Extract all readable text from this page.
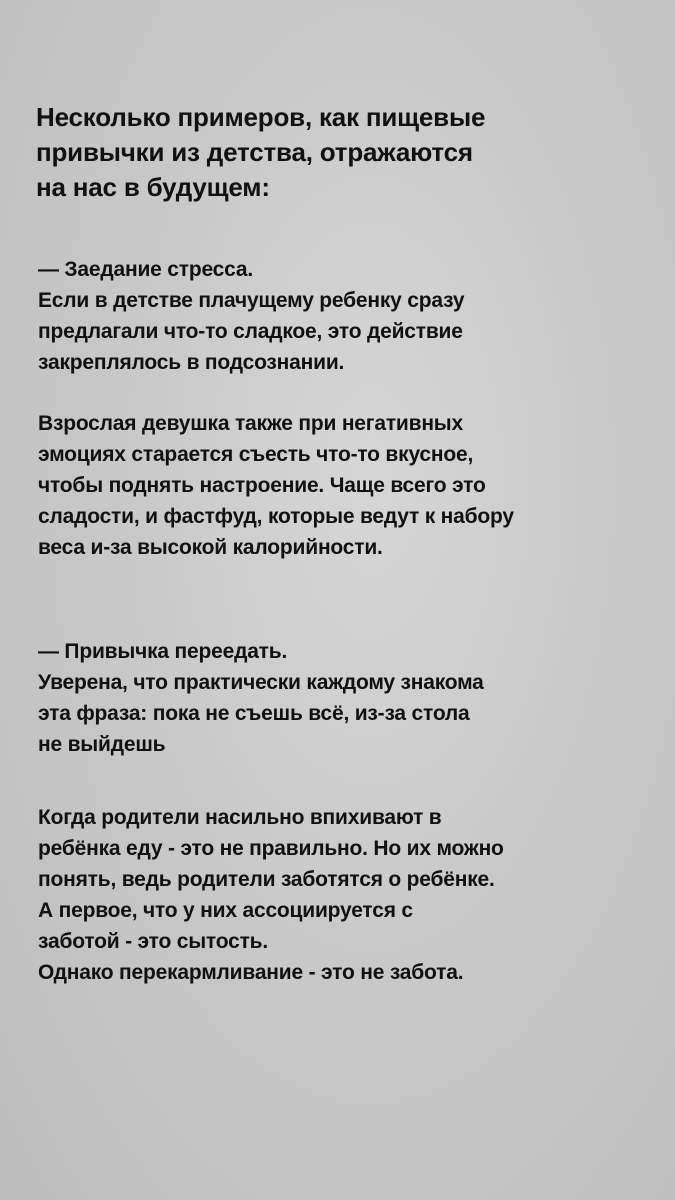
Несколько примеров, как пищевые
привычки из детства, отражаются
на нас в будущем:
— Заедание стресса.
Если в детстве плачущему ребенку сразу
предлагали что-то сладкое, это действие
закреплялось в подсознании.
Взрослая девушка также при негативных
эмоциях старается съесть что-то вкусное,
чтобы поднять настроение. Чаще всего это
сладости, и фастфуд, которые ведут к набору
веса и-за высокой калорийности.
— Привычка переедать.
Уверена, что практически каждому знакома
эта фраза: пока не съешь всё, из-за стола
не выйдешь
Когда родители насильно впихивают в
ребёнка еду - это не правильно. Но их можно
понять, ведь родители заботятся о ребёнке.
А первое, что у них ассоциируется с
заботой - это сытость.
Однако перекармливание - это не забота.
